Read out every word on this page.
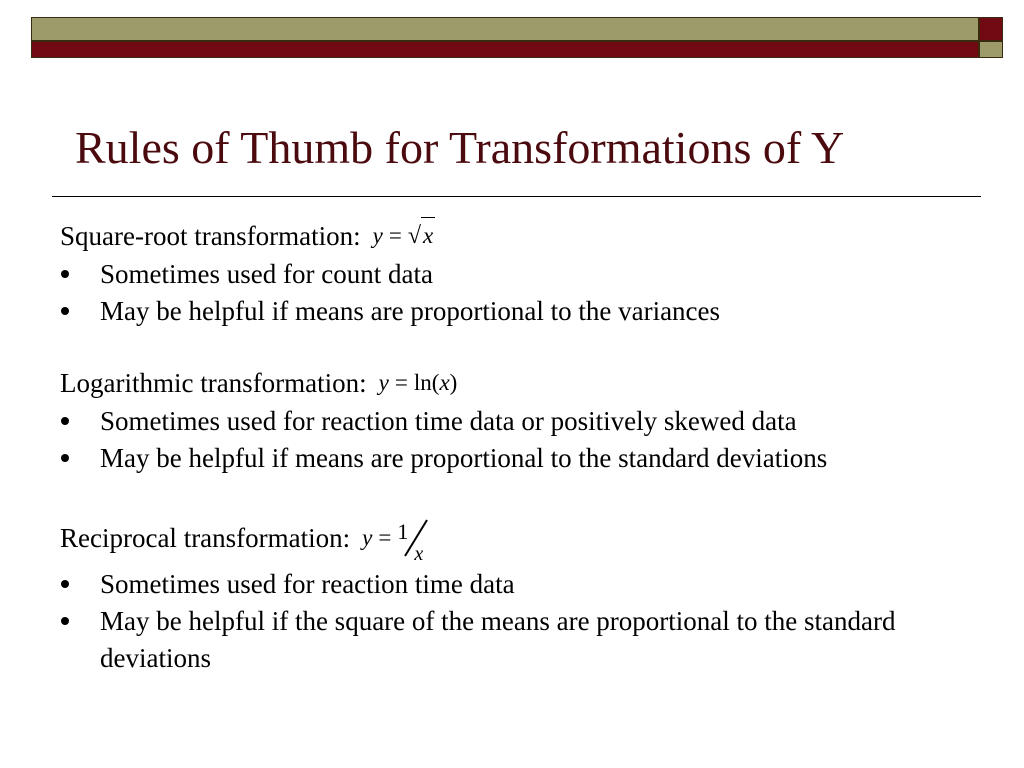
Rules of Thumb for Transformations of Y
Square-root transformation: y = √ x
Sometimes used for count data
May be helpful if means are proportional to the variances
Logarithmic transformation: y = ln( x )
Sometimes used for reaction time data or positively skewed data
May be helpful if means are proportional to the standard deviations
Reciprocal transformation: y = 1
x
Sometimes used for reaction time data
May be helpful if the square of the means are proportional to the standard deviations
